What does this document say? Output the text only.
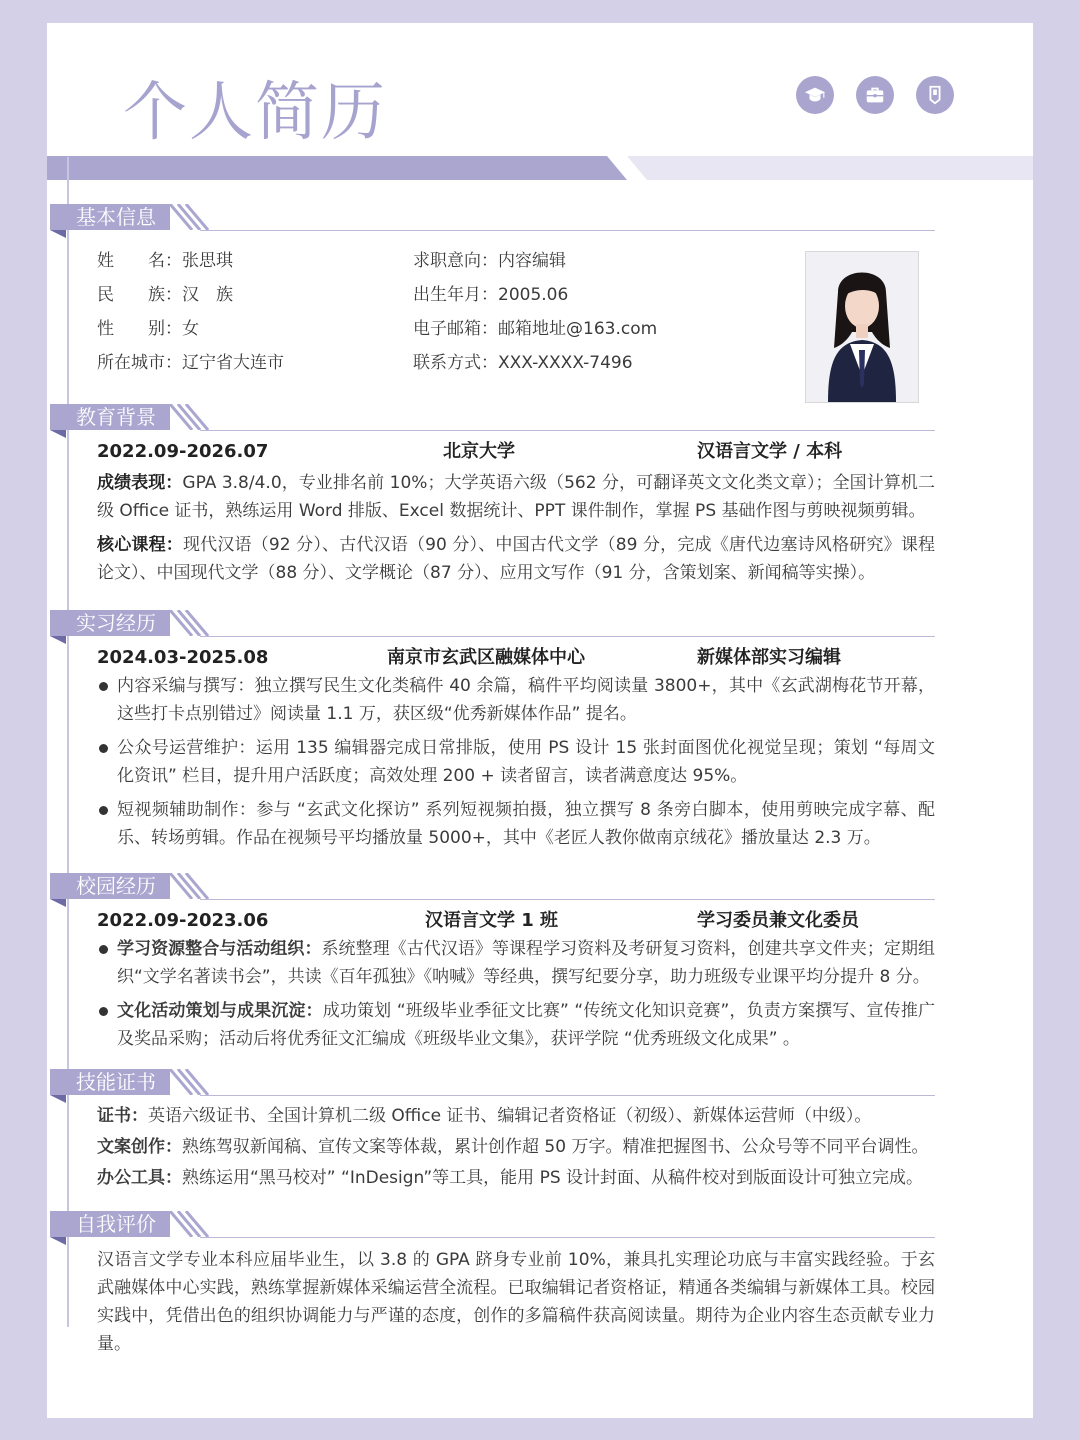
个人简历
基本信息
姓　　名：张思琪
民　　族：汉　族
性　　别：女
所在城市：辽宁省大连市
求职意向：内容编辑
出生年月：2005.06
电子邮箱：邮箱地址@163.com
联系方式：XXX-XXXX-7496
教育背景
2022.09-2026.07	北京大学	汉语言文学 / 本科
成绩表现：GPA 3.8/4.0，专业排名前 10%；大学英语六级（562 分，可翻译英文文化类文章）；全国计算机二级 Office 证书，熟练运用 Word 排版、Excel 数据统计、PPT 课件制作，掌握 PS 基础作图与剪映视频剪辑。
核心课程：现代汉语（92 分）、古代汉语（90 分）、中国古代文学（89 分，完成《唐代边塞诗风格研究》课程论文）、中国现代文学（88 分）、文学概论（87 分）、应用文写作（91 分，含策划案、新闻稿等实操）。
实习经历
2024.03-2025.08	南京市玄武区融媒体中心	新媒体部实习编辑
内容采编与撰写：独立撰写民生文化类稿件 40 余篇，稿件平均阅读量 3800+，其中《玄武湖梅花节开幕，这些打卡点别错过》阅读量 1.1 万，获区级“优秀新媒体作品” 提名。
公众号运营维护：运用 135 编辑器完成日常排版，使用 PS 设计 15 张封面图优化视觉呈现；策划 “每周文化资讯” 栏目，提升用户活跃度；高效处理 200 + 读者留言，读者满意度达 95%。
短视频辅助制作：参与 “玄武文化探访” 系列短视频拍摄，独立撰写 8 条旁白脚本，使用剪映完成字幕、配乐、转场剪辑。作品在视频号平均播放量 5000+，其中《老匠人教你做南京绒花》播放量达 2.3 万。
校园经历
2022.09-2023.06	汉语言文学 1 班	学习委员兼文化委员
学习资源整合与活动组织：系统整理《古代汉语》等课程学习资料及考研复习资料，创建共享文件夹；定期组织“文学名著读书会”，共读《百年孤独》《呐喊》等经典，撰写纪要分享，助力班级专业课平均分提升 8 分。
文化活动策划与成果沉淀：成功策划 “班级毕业季征文比赛” “传统文化知识竞赛”，负责方案撰写、宣传推广及奖品采购；活动后将优秀征文汇编成《班级毕业文集》，获评学院 “优秀班级文化成果” 。
技能证书
证书：英语六级证书、全国计算机二级 Office 证书、编辑记者资格证（初级）、新媒体运营师（中级）。
文案创作：熟练驾驭新闻稿、宣传文案等体裁，累计创作超 50 万字。精准把握图书、公众号等不同平台调性。
办公工具：熟练运用“黑马校对” “InDesign”等工具，能用 PS 设计封面、从稿件校对到版面设计可独立完成。
自我评价
汉语言文学专业本科应届毕业生，以 3.8 的 GPA 跻身专业前 10%，兼具扎实理论功底与丰富实践经验。于玄武融媒体中心实践，熟练掌握新媒体采编运营全流程。已取编辑记者资格证，精通各类编辑与新媒体工具。校园实践中，凭借出色的组织协调能力与严谨的态度，创作的多篇稿件获高阅读量。期待为企业内容生态贡献专业力量。
